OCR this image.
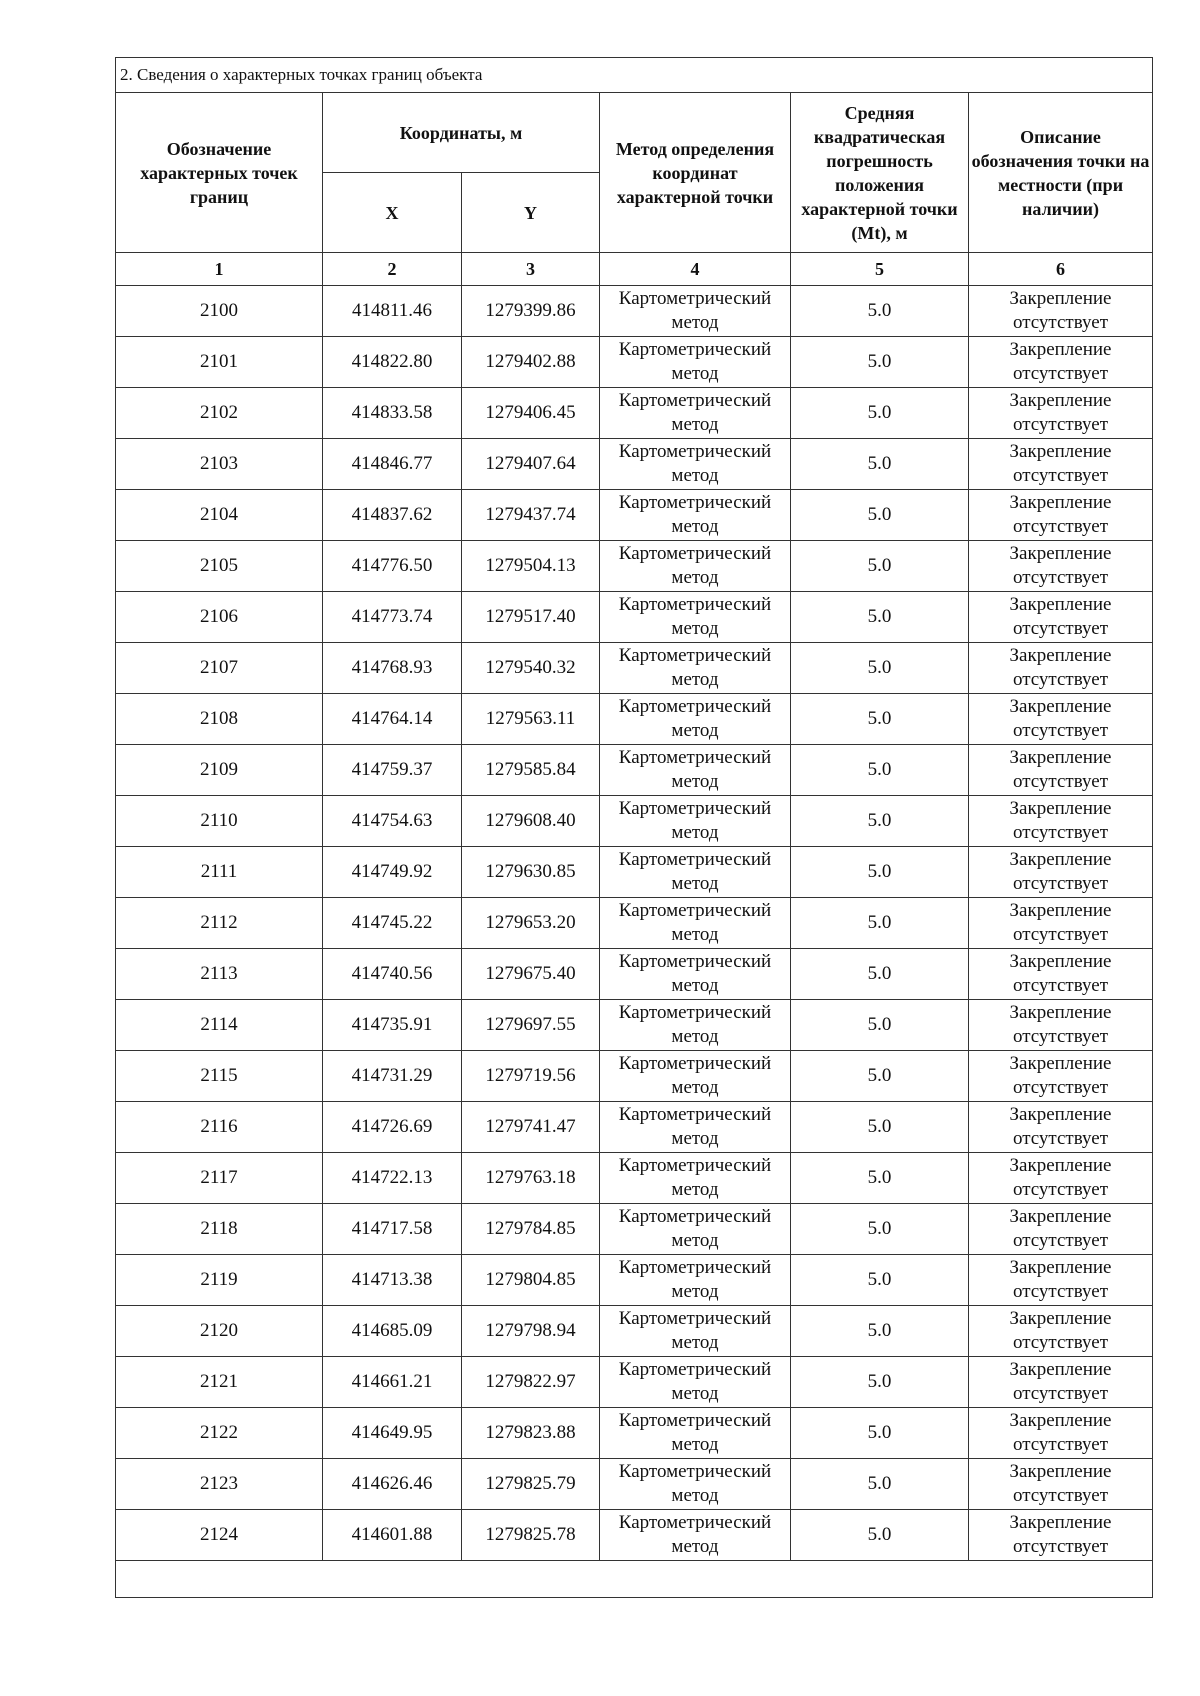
2. Сведения о характерных точках границ объекта					
Обозначение характерных точек границ	Координаты, м		Метод определения координат характерной точки	Средняя квадратическая погрешность положения характерной точки (Mt), м	Описание обозначения точки на местности (при наличии)
	X	Y			
1	2	3	4	5	6
2100	414811.46	1279399.86	Картометрический метод	5.0	Закрепление отсутствует
2101	414822.80	1279402.88	Картометрический метод	5.0	Закрепление отсутствует
2102	414833.58	1279406.45	Картометрический метод	5.0	Закрепление отсутствует
2103	414846.77	1279407.64	Картометрический метод	5.0	Закрепление отсутствует
2104	414837.62	1279437.74	Картометрический метод	5.0	Закрепление отсутствует
2105	414776.50	1279504.13	Картометрический метод	5.0	Закрепление отсутствует
2106	414773.74	1279517.40	Картометрический метод	5.0	Закрепление отсутствует
2107	414768.93	1279540.32	Картометрический метод	5.0	Закрепление отсутствует
2108	414764.14	1279563.11	Картометрический метод	5.0	Закрепление отсутствует
2109	414759.37	1279585.84	Картометрический метод	5.0	Закрепление отсутствует
2110	414754.63	1279608.40	Картометрический метод	5.0	Закрепление отсутствует
2111	414749.92	1279630.85	Картометрический метод	5.0	Закрепление отсутствует
2112	414745.22	1279653.20	Картометрический метод	5.0	Закрепление отсутствует
2113	414740.56	1279675.40	Картометрический метод	5.0	Закрепление отсутствует
2114	414735.91	1279697.55	Картометрический метод	5.0	Закрепление отсутствует
2115	414731.29	1279719.56	Картометрический метод	5.0	Закрепление отсутствует
2116	414726.69	1279741.47	Картометрический метод	5.0	Закрепление отсутствует
2117	414722.13	1279763.18	Картометрический метод	5.0	Закрепление отсутствует
2118	414717.58	1279784.85	Картометрический метод	5.0	Закрепление отсутствует
2119	414713.38	1279804.85	Картометрический метод	5.0	Закрепление отсутствует
2120	414685.09	1279798.94	Картометрический метод	5.0	Закрепление отсутствует
2121	414661.21	1279822.97	Картометрический метод	5.0	Закрепление отсутствует
2122	414649.95	1279823.88	Картометрический метод	5.0	Закрепление отсутствует
2123	414626.46	1279825.79	Картометрический метод	5.0	Закрепление отсутствует
2124	414601.88	1279825.78	Картометрический метод	5.0	Закрепление отсутствует
